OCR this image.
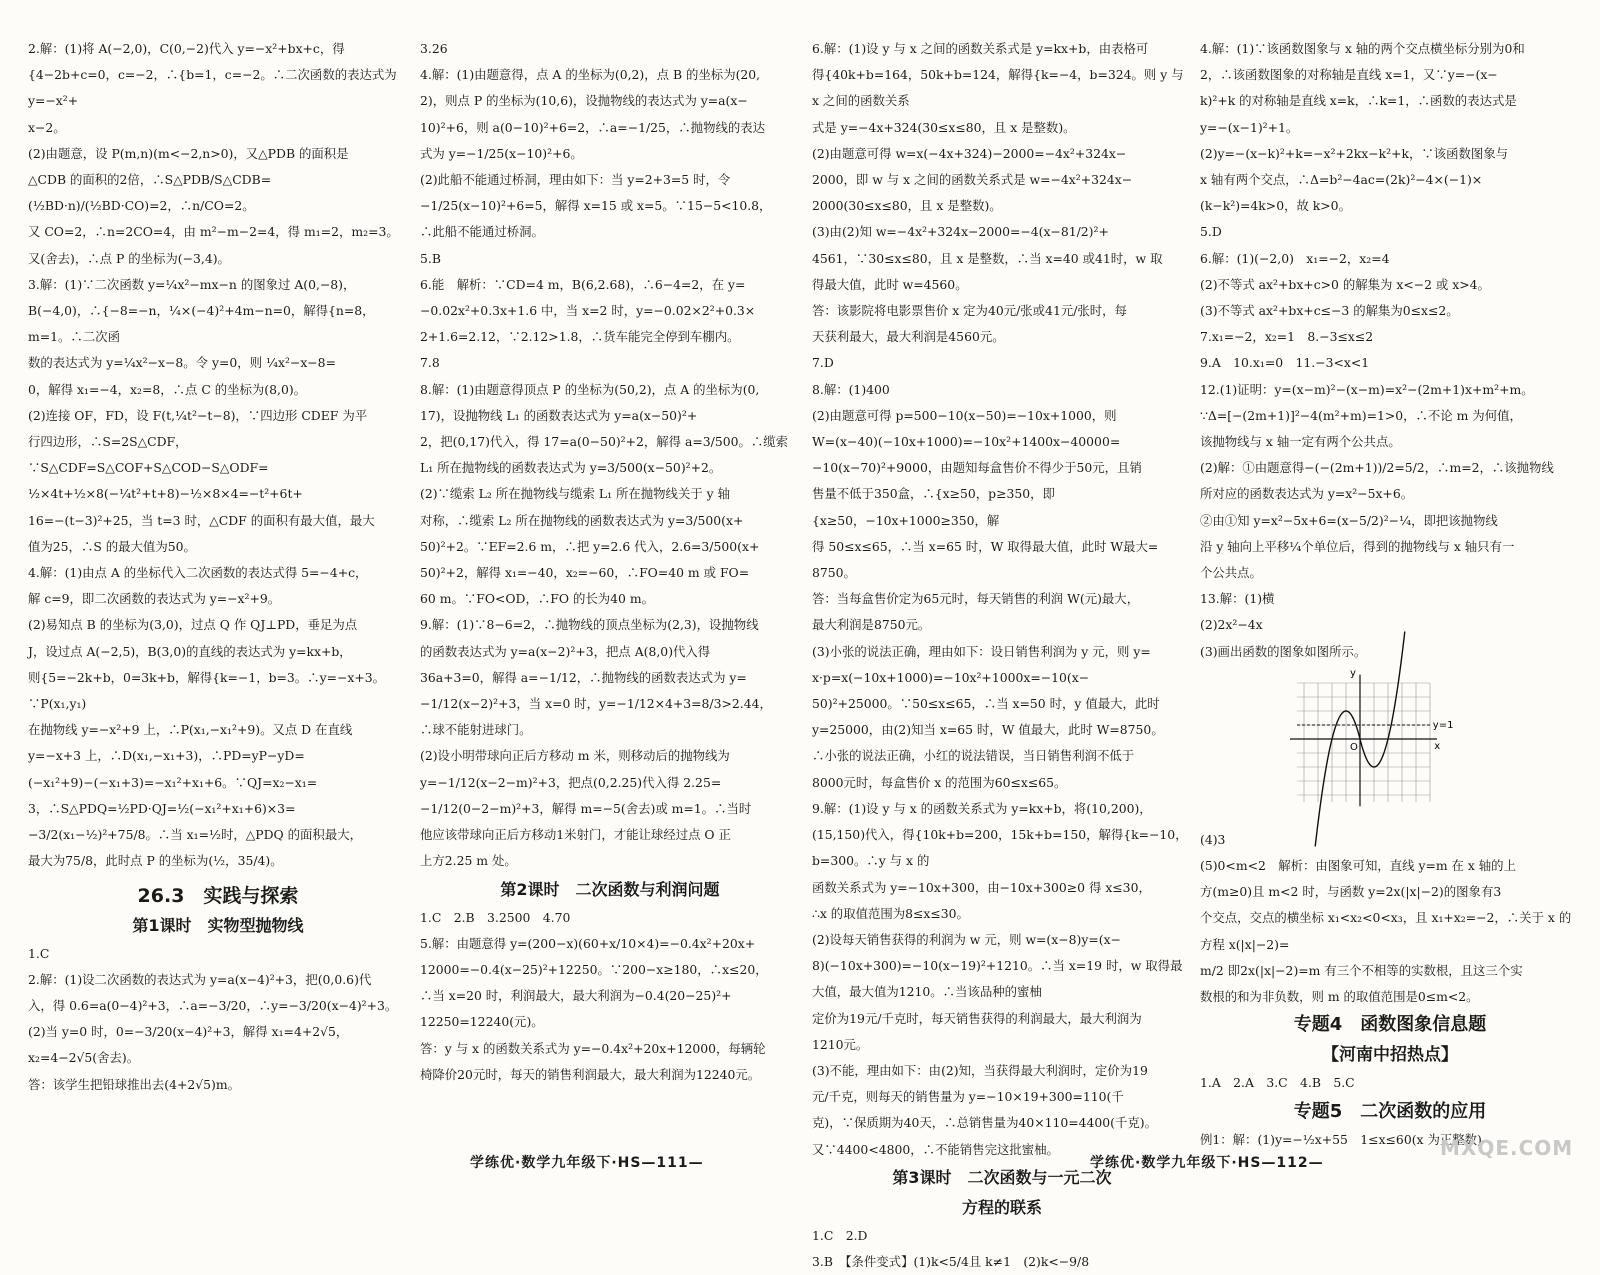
2.解：(1)将 A(−2,0)，C(0,−2)代入 y=−x²+bx+c，得

{4−2b+c=0，c=−2，∴{b=1，c=−2。∴二次函数的表达式为 y=−x²+

x−2。

(2)由题意，设 P(m,n)(m<−2,n>0)，又△PDB 的面积是

△CDB 的面积的2倍，∴S△PDB/S△CDB=(½BD·n)/(½BD·CO)=2，∴n/CO=2。

又 CO=2，∴n=2CO=4，由 m²−m−2=4，得 m₁=2，m₂=3。

又(舍去)，∴点 P 的坐标为(−3,4)。

3.解：(1)∵二次函数 y=¼x²−mx−n 的图象过 A(0,−8)，

B(−4,0)，∴{−8=−n，¼×(−4)²+4m−n=0，解得{n=8，m=1。∴二次函

数的表达式为 y=¼x²−x−8。令 y=0，则 ¼x²−x−8=

0，解得 x₁=−4，x₂=8，∴点 C 的坐标为(8,0)。

(2)连接 OF，FD，设 F(t,¼t²−t−8)，∵四边形 CDEF 为平

行四边形，∴S=2S△CDF，∵S△CDF=S△COF+S△COD−S△ODF=

½×4t+½×8(−¼t²+t+8)−½×8×4=−t²+6t+

16=−(t−3)²+25，当 t=3 时，△CDF 的面积有最大值，最大

值为25，∴S 的最大值为50。

4.解：(1)由点 A 的坐标代入二次函数的表达式得 5=−4+c，

解 c=9，即二次函数的表达式为 y=−x²+9。

(2)易知点 B 的坐标为(3,0)，过点 Q 作 QJ⊥PD，垂足为点

J，设过点 A(−2,5)，B(3,0)的直线的表达式为 y=kx+b，

则{5=−2k+b，0=3k+b，解得{k=−1，b=3。∴y=−x+3。∵P(x₁,y₁)

在抛物线 y=−x²+9 上，∴P(x₁,−x₁²+9)。又点 D 在直线

y=−x+3 上，∴D(x₁,−x₁+3)，∴PD=yP−yD=

(−x₁²+9)−(−x₁+3)=−x₁²+x₁+6。∵QJ=x₂−x₁=

3，∴S△PDQ=½PD·QJ=½(−x₁²+x₁+6)×3=

−3/2(x₁−½)²+75/8。∴当 x₁=½时，△PDQ 的面积最大，

最大为75/8，此时点 P 的坐标为(½，35/4)。

26.3　实践与探索

第1课时　实物型抛物线

1.C

2.解：(1)设二次函数的表达式为 y=a(x−4)²+3，把(0,0.6)代

入，得 0.6=a(0−4)²+3，∴a=−3/20，∴y=−3/20(x−4)²+3。

(2)当 y=0 时，0=−3/20(x−4)²+3，解得 x₁=4+2√5，

x₂=4−2√5(舍去)。

答：该学生把铅球推出去(4+2√5)m。

3.26

4.解：(1)由题意得，点 A 的坐标为(0,2)，点 B 的坐标为(20,

2)，则点 P 的坐标为(10,6)，设抛物线的表达式为 y=a(x−

10)²+6，则 a(0−10)²+6=2，∴a=−1/25，∴抛物线的表达

式为 y=−1/25(x−10)²+6。

(2)此船不能通过桥洞，理由如下：当 y=2+3=5 时，令

−1/25(x−10)²+6=5，解得 x=15 或 x=5。∵15−5<10.8，

∴此船不能通过桥洞。

5.B

6.能　解析：∵CD=4 m，B(6,2.68)，∴6−4=2，在 y=

−0.02x²+0.3x+1.6 中，当 x=2 时，y=−0.02×2²+0.3×

2+1.6=2.12，∵2.12>1.8，∴货车能完全停到车棚内。

7.8

8.解：(1)由题意得顶点 P 的坐标为(50,2)，点 A 的坐标为(0,

17)，设抛物线 L₁ 的函数表达式为 y=a(x−50)²+

2，把(0,17)代入，得 17=a(0−50)²+2，解得 a=3/500。∴缆索

L₁ 所在抛物线的函数表达式为 y=3/500(x−50)²+2。

(2)∵缆索 L₂ 所在抛物线与缆索 L₁ 所在抛物线关于 y 轴

对称，∴缆索 L₂ 所在抛物线的函数表达式为 y=3/500(x+

50)²+2。∵EF=2.6 m，∴把 y=2.6 代入，2.6=3/500(x+

50)²+2，解得 x₁=−40，x₂=−60，∴FO=40 m 或 FO=

60 m。∵FO<OD，∴FO 的长为40 m。

9.解：(1)∵8−6=2，∴抛物线的顶点坐标为(2,3)，设抛物线

的函数表达式为 y=a(x−2)²+3，把点 A(8,0)代入得

36a+3=0，解得 a=−1/12，∴抛物线的函数表达式为 y=

−1/12(x−2)²+3，当 x=0 时，y=−1/12×4+3=8/3>2.44，

∴球不能射进球门。

(2)设小明带球向正后方移动 m 米，则移动后的抛物线为

y=−1/12(x−2−m)²+3，把点(0,2.25)代入得 2.25=

−1/12(0−2−m)²+3，解得 m=−5(舍去)或 m=1。∴当时

他应该带球向正后方移动1米射门，才能让球经过点 O 正

上方2.25 m 处。

第2课时　二次函数与利润问题

1.C　2.B　3.2500　4.70

5.解：由题意得 y=(200−x)(60+x/10×4)=−0.4x²+20x+

12000=−0.4(x−25)²+12250。∵200−x≥180，∴x≤20，

∴当 x=20 时，利润最大，最大利润为−0.4(20−25)²+

12250=12240(元)。

答：y 与 x 的函数关系式为 y=−0.4x²+20x+12000，每辆轮

椅降价20元时，每天的销售利润最大，最大利润为12240元。

6.解：(1)设 y 与 x 之间的函数关系式是 y=kx+b，由表格可

得{40k+b=164，50k+b=124，解得{k=−4，b=324。则 y 与 x 之间的函数关系

式是 y=−4x+324(30≤x≤80，且 x 是整数)。

(2)由题意可得 w=x(−4x+324)−2000=−4x²+324x−

2000，即 w 与 x 之间的函数关系式是 w=−4x²+324x−

2000(30≤x≤80，且 x 是整数)。

(3)由(2)知 w=−4x²+324x−2000=−4(x−81/2)²+

4561，∵30≤x≤80，且 x 是整数，∴当 x=40 或41时，w 取

得最大值，此时 w=4560。

答：该影院将电影票售价 x 定为40元/张或41元/张时，每

天获利最大，最大利润是4560元。

7.D

8.解：(1)400

(2)由题意可得 p=500−10(x−50)=−10x+1000，则

W=(x−40)(−10x+1000)=−10x²+1400x−40000=

−10(x−70)²+9000，由题知每盒售价不得少于50元，且销

售量不低于350盒，∴{x≥50，p≥350，即{x≥50，−10x+1000≥350，解

得 50≤x≤65，∴当 x=65 时，W 取得最大值，此时 W最大=

8750。

答：当每盒售价定为65元时，每天销售的利润 W(元)最大，

最大利润是8750元。

(3)小张的说法正确，理由如下：设日销售利润为 y 元，则 y=

x·p=x(−10x+1000)=−10x²+1000x=−10(x−

50)²+25000。∵50≤x≤65，∴当 x=50 时，y 值最大，此时

y=25000，由(2)知当 x=65 时，W 值最大，此时 W=8750。

∴小张的说法正确，小红的说法错误，当日销售利润不低于

8000元时，每盒售价 x 的范围为60≤x≤65。

9.解：(1)设 y 与 x 的函数关系式为 y=kx+b，将(10,200)，

(15,150)代入，得{10k+b=200，15k+b=150，解得{k=−10，b=300。∴y 与 x 的

函数关系式为 y=−10x+300，由−10x+300≥0 得 x≤30，

∴x 的取值范围为8≤x≤30。

(2)设每天销售获得的利润为 w 元，则 w=(x−8)y=(x−

8)(−10x+300)=−10(x−19)²+1210。∴当 x=19 时，w 取得最大值，最大值为1210。∴当该品种的蜜柚

定价为19元/千克时，每天销售获得的利润最大，最大利润为

1210元。

(3)不能，理由如下：由(2)知，当获得最大利润时，定价为19

元/千克，则每天的销售量为 y=−10×19+300=110(千

克)，∵保质期为40天，∴总销售量为40×110=4400(千克)。

又∵4400<4800，∴不能销售完这批蜜柚。

第3课时　二次函数与一元二次

方程的联系

1.C　2.D

3.B　【条件变式】(1)k<5/4且 k≠1　(2)k<−9/8

4.解：(1)∵该函数图象与 x 轴的两个交点横坐标分别为0和

2，∴该函数图象的对称轴是直线 x=1，又∵y=−(x−

k)²+k 的对称轴是直线 x=k，∴k=1，∴函数的表达式是

y=−(x−1)²+1。

(2)y=−(x−k)²+k=−x²+2kx−k²+k，∵该函数图象与

x 轴有两个交点，∴Δ=b²−4ac=(2k)²−4×(−1)×

(k−k²)=4k>0，故 k>0。

5.D

6.解：(1)(−2,0)　x₁=−2，x₂=4

(2)不等式 ax²+bx+c>0 的解集为 x<−2 或 x>4。

(3)不等式 ax²+bx+c≤−3 的解集为0≤x≤2。

7.x₁=−2，x₂=1　8.−3≤x≤2

9.A　10.x₁=0　11.−3<x<1

12.(1)证明：y=(x−m)²−(x−m)=x²−(2m+1)x+m²+m。

∵Δ=[−(2m+1)]²−4(m²+m)=1>0，∴不论 m 为何值，

该抛物线与 x 轴一定有两个公共点。

(2)解：①由题意得−(−(2m+1))/2=5/2，∴m=2，∴该抛物线

所对应的函数表达式为 y=x²−5x+6。

②由①知 y=x²−5x+6=(x−5/2)²−¼，即把该抛物线

沿 y 轴向上平移¼个单位后，得到的抛物线与 x 轴只有一

个公共点。

13.解：(1)横

(2)2x²−4x

(3)画出函数的图象如图所示。

y
x
O
y=1

(4)3

(5)0<m<2　解析：由图象可知，直线 y=m 在 x 轴的上

方(m≥0)且 m<2 时，与函数 y=2x(|x|−2)的图象有3

个交点，交点的横坐标 x₁<x₂<0<x₃，且 x₁+x₂=−2，∴关于 x 的方程 x(|x|−2)=

m/2 即2x(|x|−2)=m 有三个不相等的实数根，且这三个实

数根的和为非负数，则 m 的取值范围是0≤m<2。

专题4　函数图象信息题

【河南中招热点】

1.A　2.A　3.C　4.B　5.C

专题5　二次函数的应用

例1：解：(1)y=−½x+55　1≤x≤60(x 为正整数)

学练优·数学九年级下·HS—111—	学练优·数学九年级下·HS—112—
MXQE.COM
